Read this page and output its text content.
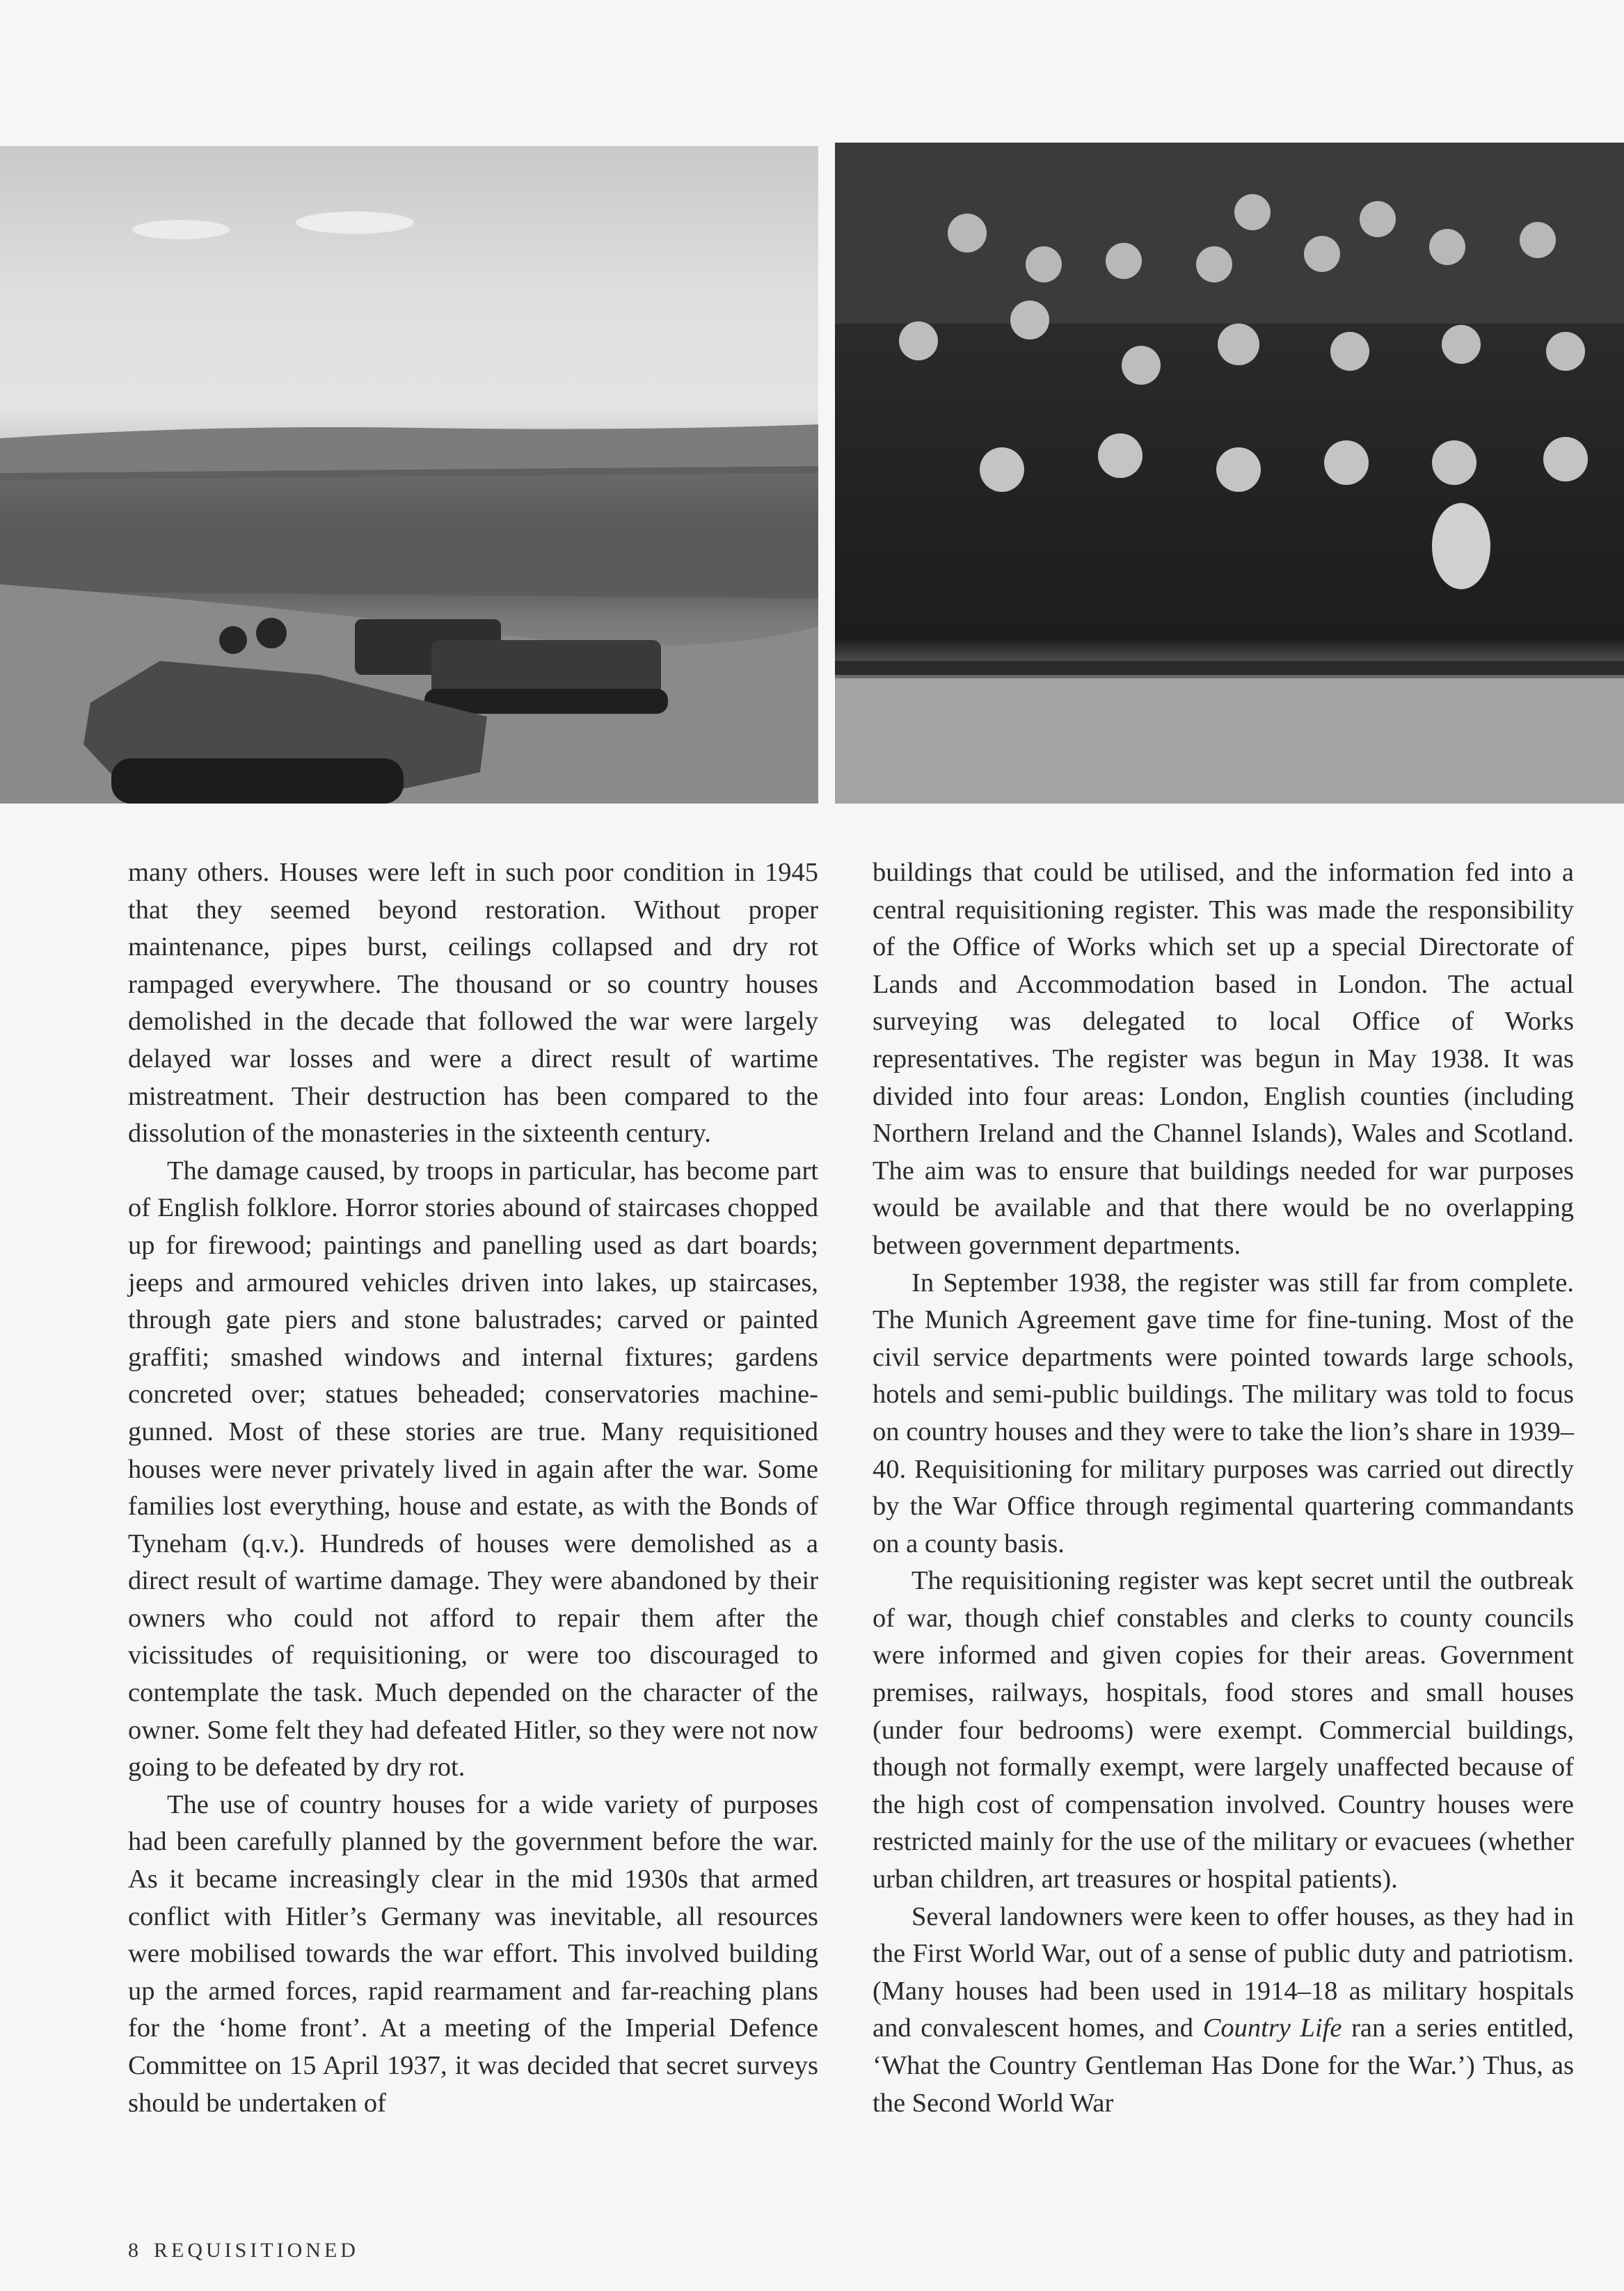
many others. Houses were left in such poor condition in 1945 that they seemed beyond restoration. Without proper maintenance, pipes burst, ceilings collapsed and dry rot rampaged everywhere. The thousand or so country houses demolished in the decade that followed the war were largely delayed war losses and were a direct result of wartime mistreatment. Their destruction has been compared to the dissolution of the monasteries in the sixteenth century.

The damage caused, by troops in particular, has become part of English folklore. Horror stories abound of staircases chopped up for firewood; paintings and panelling used as dart boards; jeeps and armoured vehicles driven into lakes, up staircases, through gate piers and stone balustrades; carved or painted graffiti; smashed windows and internal fixtures; gardens concreted over; statues beheaded; conservatories machine-gunned. Most of these stories are true. Many requisitioned houses were never privately lived in again after the war. Some families lost everything, house and estate, as with the Bonds of Tyneham (q.v.). Hundreds of houses were demolished as a direct result of wartime damage. They were abandoned by their owners who could not afford to repair them after the vicissitudes of requisitioning, or were too discouraged to contemplate the task. Much depended on the character of the owner. Some felt they had defeated Hitler, so they were not now going to be defeated by dry rot.

The use of country houses for a wide variety of purposes had been carefully planned by the government before the war. As it became increasingly clear in the mid 1930s that armed conflict with Hitler’s Germany was inevitable, all resources were mobilised towards the war effort. This involved building up the armed forces, rapid rearmament and far-reaching plans for the ‘home front’. At a meeting of the Imperial Defence Committee on 15 April 1937, it was decided that secret surveys should be undertaken of

buildings that could be utilised, and the information fed into a central requisitioning register. This was made the responsibility of the Office of Works which set up a special Directorate of Lands and Accommodation based in London. The actual surveying was delegated to local Office of Works representatives. The register was begun in May 1938. It was divided into four areas: London, English counties (including Northern Ireland and the Channel Islands), Wales and Scotland. The aim was to ensure that buildings needed for war purposes would be available and that there would be no overlapping between government departments.

In September 1938, the register was still far from complete. The Munich Agreement gave time for fine-tuning. Most of the civil service departments were pointed towards large schools, hotels and semi-public buildings. The military was told to focus on country houses and they were to take the lion’s share in 1939–40. Requisitioning for military purposes was carried out directly by the War Office through regimental quartering commandants on a county basis.

The requisitioning register was kept secret until the outbreak of war, though chief constables and clerks to county councils were informed and given copies for their areas. Government premises, railways, hospitals, food stores and small houses (under four bedrooms) were exempt. Commercial buildings, though not formally exempt, were largely unaffected because of the high cost of compensation involved. Country houses were restricted mainly for the use of the military or evacuees (whether urban children, art treasures or hospital patients).

Several landowners were keen to offer houses, as they had in the First World War, out of a sense of public duty and patriotism. (Many houses had been used in 1914–18 as military hospitals and convalescent homes, and Country Life ran a series entitled, ‘What the Country Gentleman Has Done for the War.’) Thus, as the Second World War

8 REQUISITIONED
